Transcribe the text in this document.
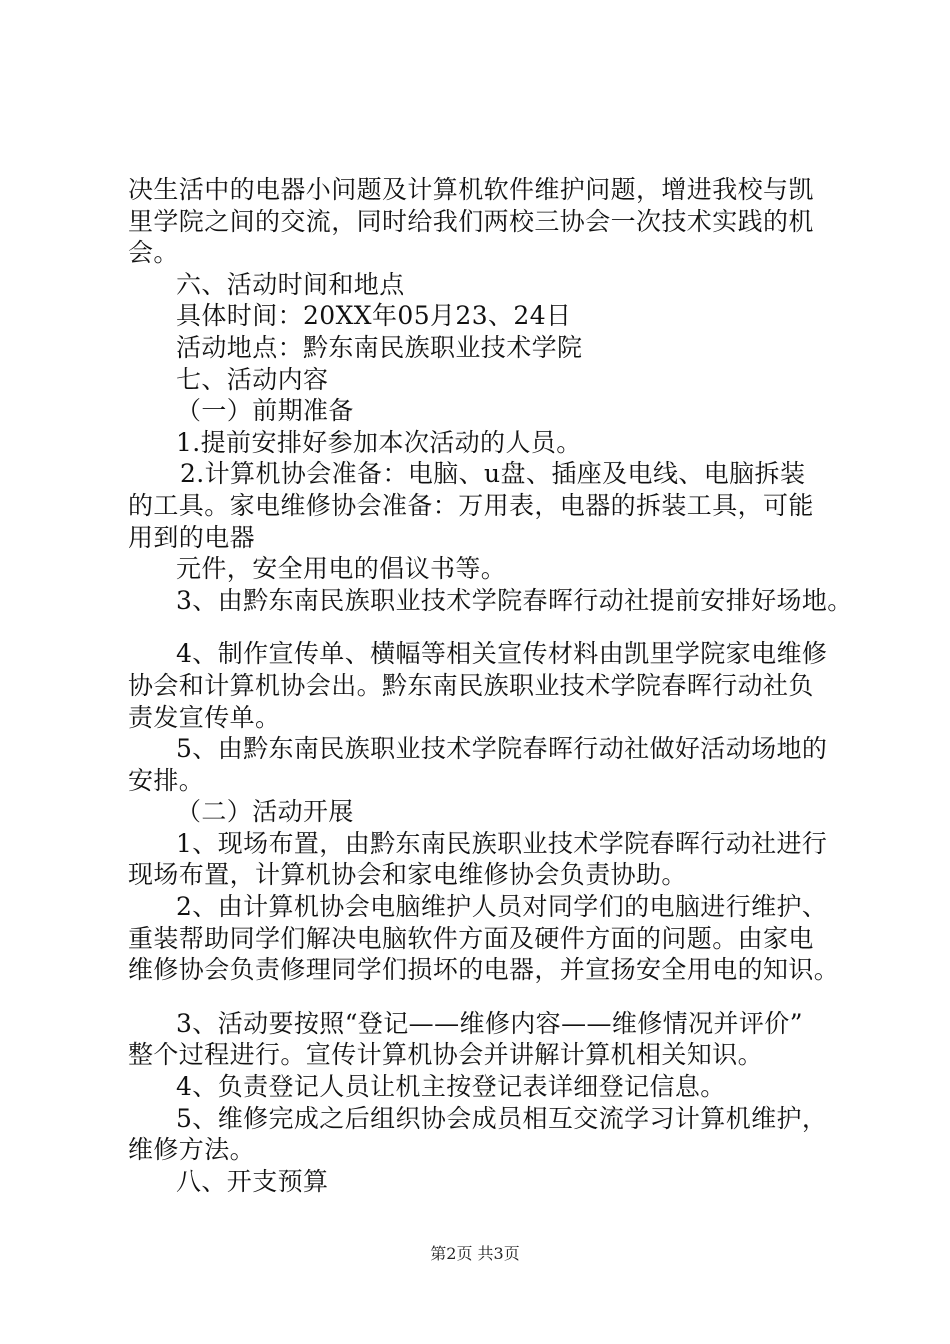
决生活中的电器小问题及计算机软件维护问题，增进我校与凯
里学院之间的交流，同时给我们两校三协会一次技术实践的机
会。
六、活动时间和地点
具体时间：20XX年05月23、24日
活动地点：黔东南民族职业技术学院
七、活动内容
（一）前期准备
1.提前安排好参加本次活动的人员。
2.计算机协会准备：电脑、u盘、插座及电线、电脑拆装
的工具。家电维修协会准备：万用表，电器的拆装工具，可能
用到的电器
元件，安全用电的倡议书等。
3、由黔东南民族职业技术学院春晖行动社提前安排好场地。
4、制作宣传单、横幅等相关宣传材料由凯里学院家电维修
协会和计算机协会出。黔东南民族职业技术学院春晖行动社负
责发宣传单。
5、由黔东南民族职业技术学院春晖行动社做好活动场地的
安排。
（二）活动开展
1、现场布置，由黔东南民族职业技术学院春晖行动社进行
现场布置，计算机协会和家电维修协会负责协助。
2、由计算机协会电脑维护人员对同学们的电脑进行维护、
重装帮助同学们解决电脑软件方面及硬件方面的问题。由家电
维修协会负责修理同学们损坏的电器，并宣扬安全用电的知识。
3、活动要按照“登记——维修内容——维修情况并评价”
整个过程进行。宣传计算机协会并讲解计算机相关知识。
4、负责登记人员让机主按登记表详细登记信息。
5、维修完成之后组织协会成员相互交流学习计算机维护，
维修方法。
八、开支预算
第2页 共3页
